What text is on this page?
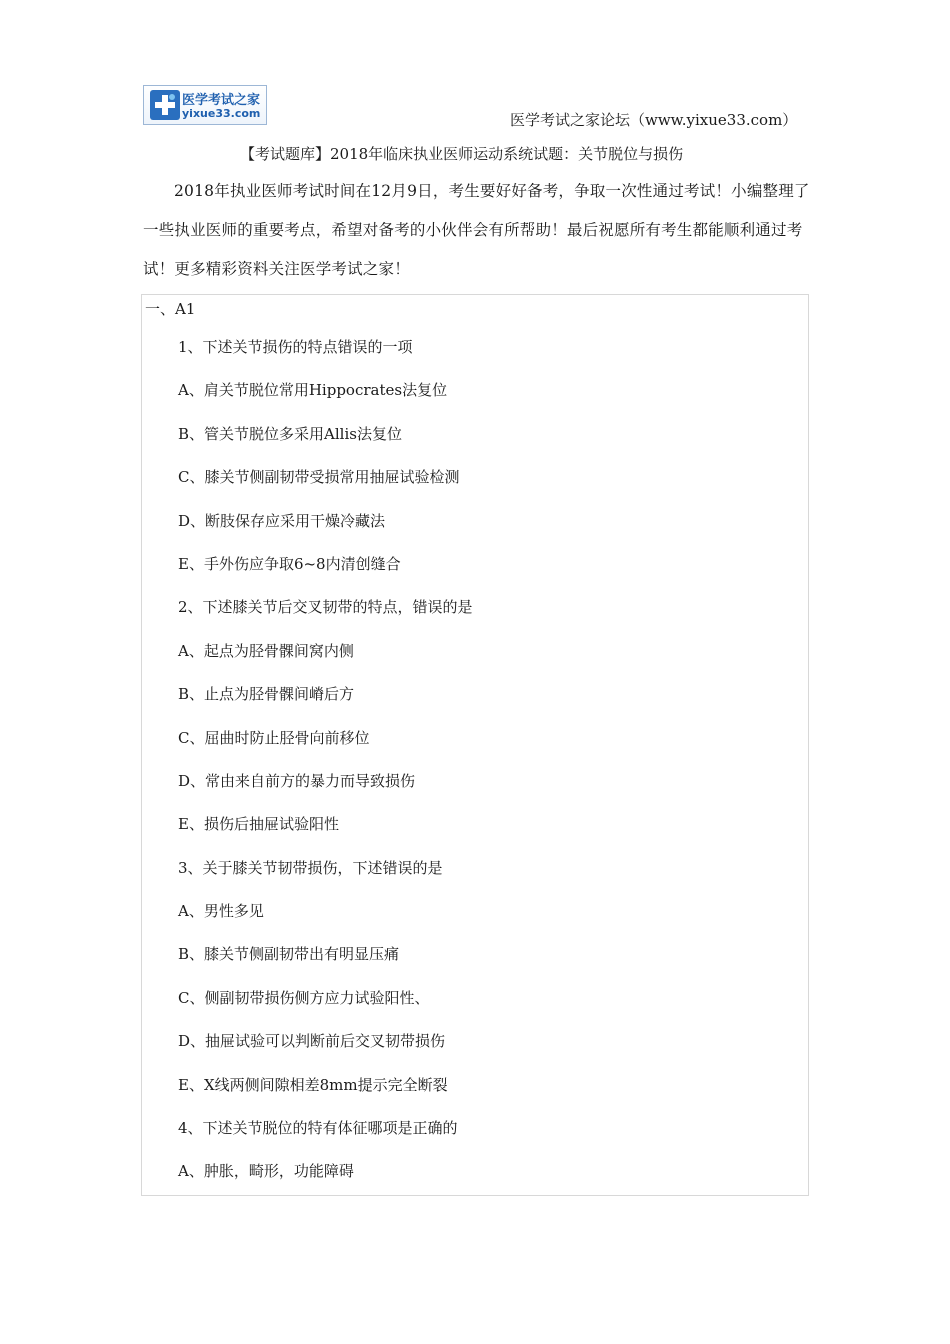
医学考试之家
yixue33.com	医学考试之家论坛（www.yixue33.com）
【考试题库】2018年临床执业医师运动系统试题：关节脱位与损伤

2018年执业医师考试时间在12月9日，考生要好好备考，争取一次性通过考试！小编整理了一些执业医师的重要考点，希望对备考的小伙伴会有所帮助！最后祝愿所有考生都能顺利通过考试！更多精彩资料关注医学考试之家！

一、A1
1、下述关节损伤的特点错误的一项
A、肩关节脱位常用Hippocrates法复位
B、管关节脱位多采用Allis法复位
C、膝关节侧副韧带受损常用抽屉试验检测
D、断肢保存应采用干燥冷藏法
E、手外伤应争取6~8内清创缝合
2、下述膝关节后交叉韧带的特点，错误的是
A、起点为胫骨髁间窝内侧
B、止点为胫骨髁间嵴后方
C、屈曲时防止胫骨向前移位
D、常由来自前方的暴力而导致损伤
E、损伤后抽屉试验阳性
3、关于膝关节韧带损伤，下述错误的是
A、男性多见
B、膝关节侧副韧带出有明显压痛
C、侧副韧带损伤侧方应力试验阳性、
D、抽屉试验可以判断前后交叉韧带损伤
E、X线两侧间隙相差8mm提示完全断裂
4、下述关节脱位的特有体征哪项是正确的
A、肿胀，畸形，功能障碍
